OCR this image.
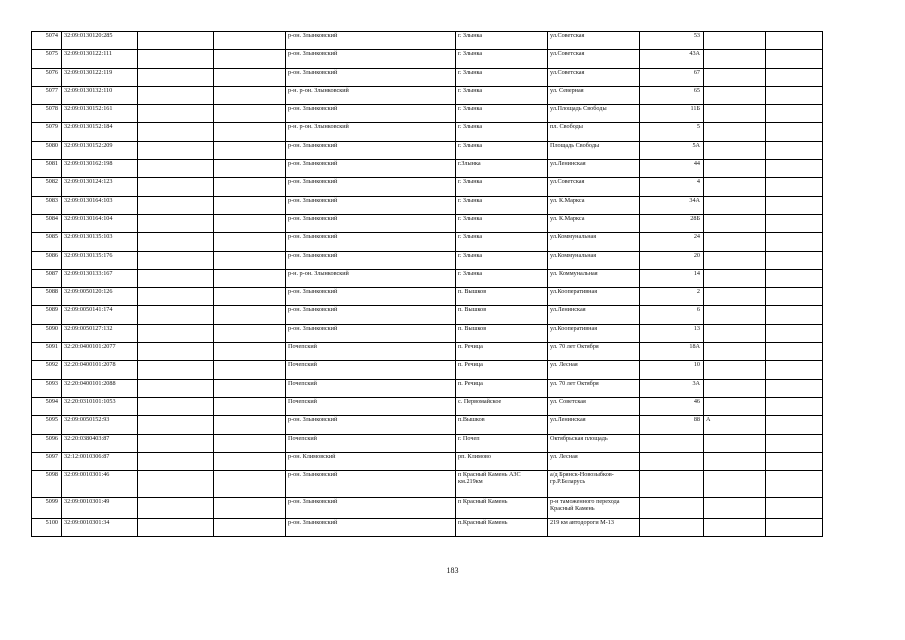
5074	32:09:0130120:285			р-он. Злынковский	г. Злынка	ул.Советская	53		
5075	32:09:0130122:111			р-он. Злынковский	г. Злынка	ул.Советская	43А		
5076	32:09:0130122:119			р-он. Злынковский	г. Злынка	ул.Советская	67		
5077	32:09:0130132:110			р-н. р-он. Злынковский	г. Злынка	ул. Северная	65		
5078	32:09:0130152:161			р-он. Злынковский	г. Злынка	ул.Площадь Свободы	11Б		
5079	32:09:0130152:184			р-н. р-он. Злынковский	г. Злынка	пл. Свободы	5		
5080	32:09:0130152:209			р-он. Злынковский	г. Злынка	Площадь Свободы	5А		
5081	32:09:0130162:198			р-он. Злынковский	г.Злынка	ул.Ленинская	44		
5082	32:09:0130124:123			р-он. Злынковский	г. Злынка	ул.Советская	4		
5083	32:09:0130164:103			р-он. Злынковский	г. Злынка	ул. К.Маркса	34А		
5084	32:09:0130164:104			р-он. Злынковский	г. Злынка	ул. К.Маркса	28Б		
5085	32:09:0130135:103			р-он. Злынковский	г. Злынка	ул.Коммунальная	24		
5086	32:09:0130135:176			р-он. Злынковский	г. Злынка	ул.Коммунальная	20		
5087	32:09:0130133:167			р-н. р-он. Злынковский	г. Злынка	ул. Коммунальная	14		
5088	32:09:0050120:126			р-он. Злынковский	п. Вышков	ул.Кооперативная	2		
5089	32:09:0050141:174			р-он. Злынковский	п. Вышков	ул.Ленинская	6		
5090	32:09:0050127:132			р-он. Злынковский	п. Вышков	ул.Кооперативная	13		
5091	32:20:0400101:2077			Почепский	п. Речица	ул. 70 лет Октября	18А		
5092	32:20:0400101:2078			Почепский	п. Речица	ул. Лесная	10		
5093	32:20:0400101:2088			Почепский	п. Речица	ул. 70 лет Октября	3А		
5094	32:20:0310101:1053			Почепский	с. Первомайское	ул. Советская	46		
5095	32:09:0050152:93			р-он. Злынковский	п.Вышков	ул.Ленинская	88	А	
5096	32:20:0380403:87			Почепский	г. Почеп	Октябрьская площадь			
5097	32:12:0010306:87			р-он. Климовский	рп. Климово	ул. Лесная			
5098	32:09:0010301:46			р-он. Злынковский	п Красный Камень АЗС км.219км	а/д Брянск-Новозыбков-гр.Р.Беларусь			
5099	32:09:0010301:49			р-он. Злынковский	п Красный Камень	р-н таможенного перехода Красный Камень			
5100	32:09:0010301:34			р-он. Злынковский	п.Красный Камень	219 км автодороги М-13			
183
